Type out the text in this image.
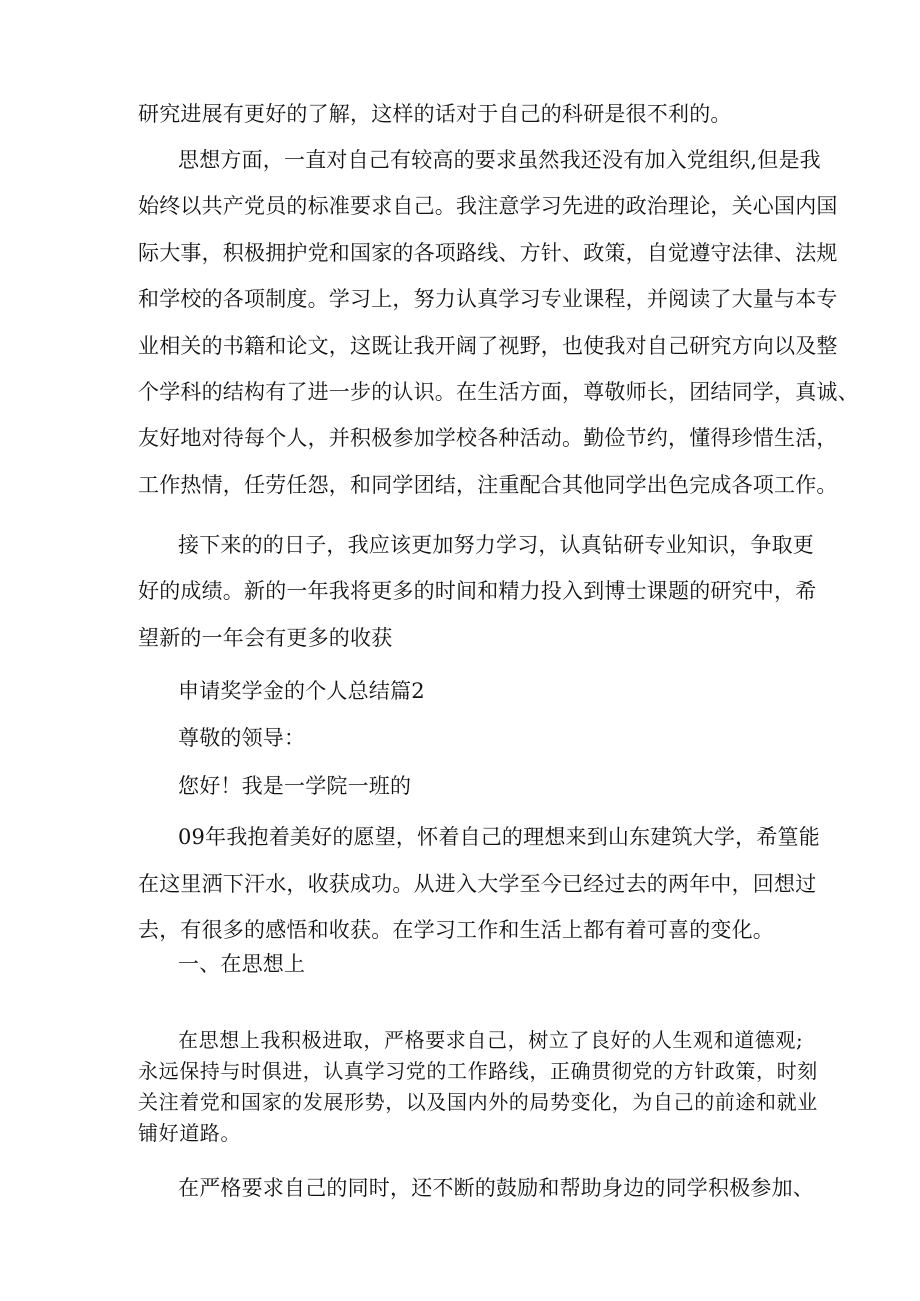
研究进展有更好的了解，这样的话对于自己的科研是很不利的。

思想方面，一直对自己有较高的要求虽然我还没有加入党组织,但是我

始终以共产党员的标准要求自己。我注意学习先进的政治理论，关心国内国

际大事，积极拥护党和国家的各项路线、方针、政策，自觉遵守法律、法规

和学校的各项制度。学习上，努力认真学习专业课程，并阅读了大量与本专

业相关的书籍和论文，这既让我开阔了视野，也使我对自己研究方向以及整

个学科的结构有了进一步的认识。在生活方面，尊敬师长，团结同学，真诚、

友好地对待每个人，并积极参加学校各种活动。勤俭节约，懂得珍惜生活，

工作热情，任劳任怨，和同学团结，注重配合其他同学出色完成各项工作。

接下来的的日子，我应该更加努力学习，认真钻研专业知识，争取更

好的成绩。新的一年我将更多的时间和精力投入到博士课题的研究中，希

望新的一年会有更多的收获

申请奖学金的个人总结篇2

尊敬的领导：

您好！我是一学院一班的

09年我抱着美好的愿望，怀着自己的理想来到山东建筑大学，希篁能

在这里洒下汗水，收获成功。从进入大学至今已经过去的两年中，回想过

去，有很多的感悟和收获。在学习工作和生活上都有着可喜的变化。

一、在思想上

在思想上我积极进取，严格要求自己，树立了良好的人生观和道德观;

永远保持与时俱进，认真学习党的工作路线，正确贯彻党的方针政策，时刻

关注着党和国家的发展形势，以及国内外的局势变化，为自己的前途和就业

铺好道路。

在严格要求自己的同时，还不断的鼓励和帮助身边的同学积极参加、
